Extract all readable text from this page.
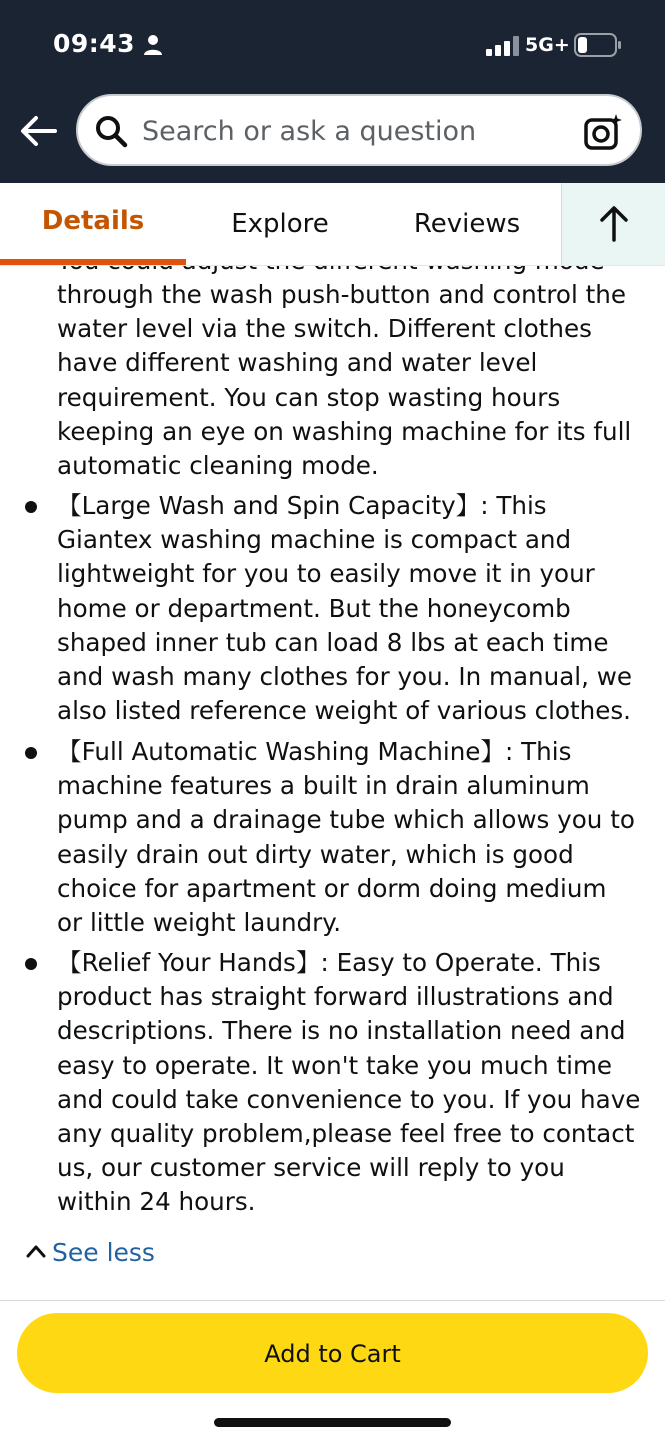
09:43	5G+
Search or ask a question
Details	Explore	Reviews
through the wash push-button and control the
water level via the switch. Different clothes
have different washing and water level
requirement. You can stop wasting hours
keeping an eye on washing machine for its full
automatic cleaning mode.
【Large Wash and Spin Capacity】: This
Giantex washing machine is compact and
lightweight for you to easily move it in your
home or department. But the honeycomb
shaped inner tub can load 8 lbs at each time
and wash many clothes for you. In manual, we
also listed reference weight of various clothes.
【Full Automatic Washing Machine】: This
machine features a built in drain aluminum
pump and a drainage tube which allows you to
easily drain out dirty water, which is good
choice for apartment or dorm doing medium
or little weight laundry.
【Relief Your Hands】: Easy to Operate. This
product has straight forward illustrations and
descriptions. There is no installation need and
easy to operate. It won't take you much time
and could take convenience to you. If you have
any quality problem,please feel free to contact
us, our customer service will reply to you
within 24 hours.
See less
Add to Cart
